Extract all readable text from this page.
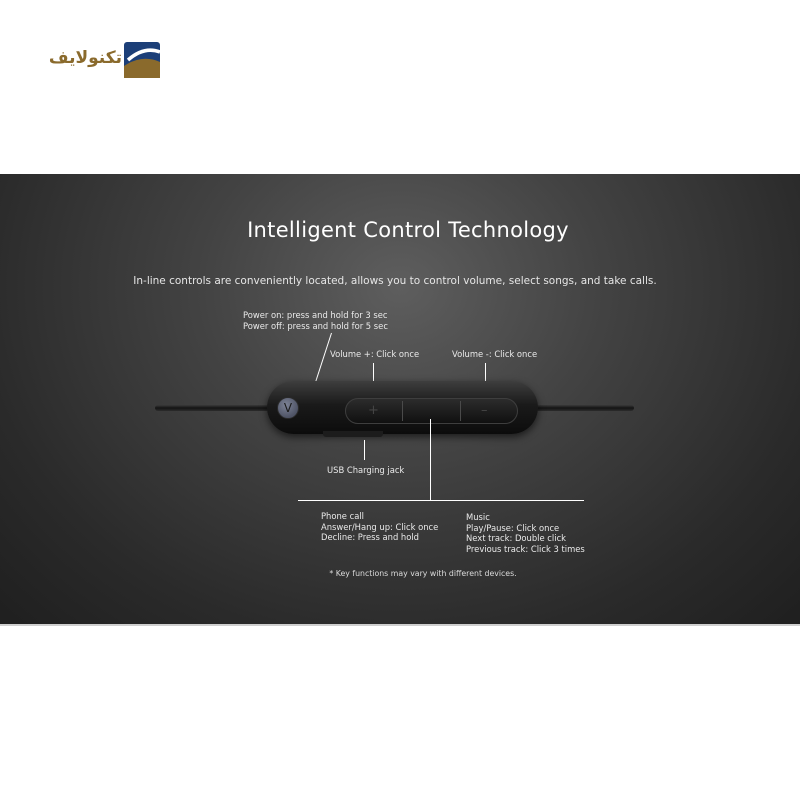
تکنولایف
Intelligent Control Technology
In-line controls are conveniently located, allows you to control volume, select songs, and take calls.
Power on: press and hold for 3 sec
Power off: press and hold for 5 sec
Volume +: Click once	Volume -: Click once
V	+	–
USB Charging jack
Phone call
Answer/Hang up: Click once
Decline: Press and hold
Music
Play/Pause: Click once
Next track: Double click
Previous track: Click 3 times
* Key functions may vary with different devices.
